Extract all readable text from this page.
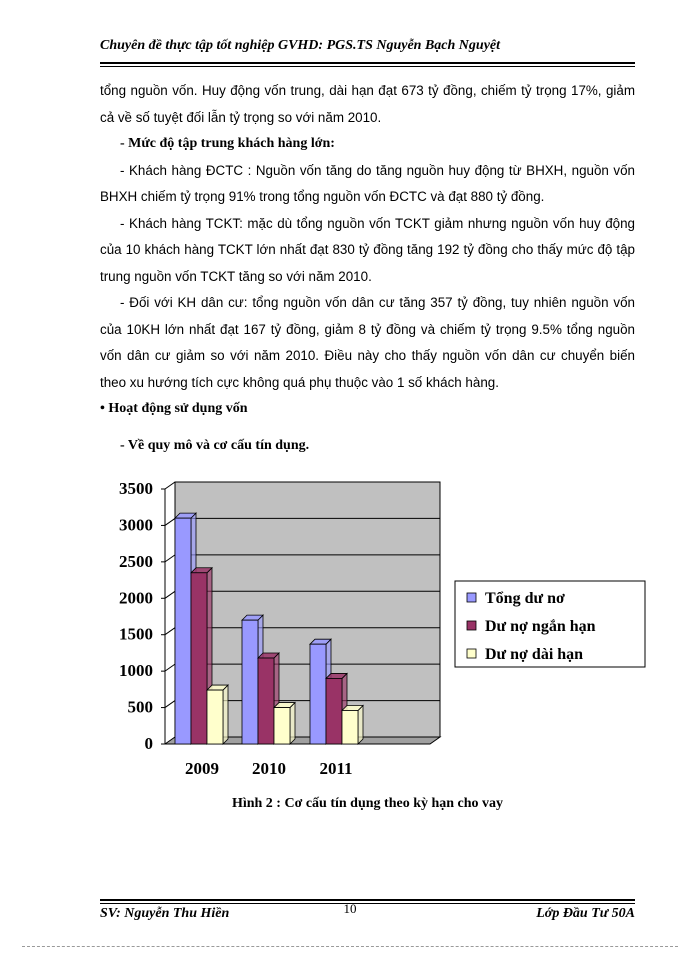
Chuyên đề thực tập tốt nghiệp GVHD: PGS.TS Nguyễn Bạch Nguyệt

tổng nguồn vốn. Huy động vốn trung, dài hạn đạt 673 tỷ đồng, chiếm tỷ trọng 17%, giảm cả về số tuyệt đối lẫn tỷ trọng so với năm 2010.

- Mức độ tập trung khách hàng lớn:

- Khách hàng ĐCTC : Nguồn vốn tăng do tăng nguồn huy động từ BHXH, nguồn vốn BHXH chiếm tỷ trọng 91% trong tổng nguồn vốn ĐCTC và đạt 880 tỷ đồng.

- Khách hàng TCKT: mặc dù tổng nguồn vốn TCKT giảm nhưng nguồn vốn huy động của 10 khách hàng TCKT lớn nhất đạt 830 tỷ đồng tăng 192 tỷ đồng cho thấy mức độ tập trung nguồn vốn TCKT tăng so với năm 2010.

- Đối với KH dân cư: tổng nguồn vốn dân cư tăng 357 tỷ đồng, tuy nhiên nguồn vốn của 10KH lớn nhất đạt 167 tỷ đồng, giảm 8 tỷ đồng và chiếm tỷ trọng 9.5% tổng nguồn vốn dân cư giảm so với năm 2010. Điều này cho thấy nguồn vốn dân cư chuyển biến theo xu hướng tích cực không quá phụ thuộc vào 1 số khách hàng.

• Hoạt động sử dụng vốn

- Về quy mô và cơ cấu tín dụng.

0
500
1000
1500
2000
2500
3000
3500
2009 2010 2011
Tổng dư nơ
Dư nợ ngắn hạn
Dư nợ dài hạn
Hình 2 : Cơ cấu tín dụng theo kỳ hạn cho vay
SV: Nguyễn Thu Hiền	10	Lớp Đầu Tư 50A
